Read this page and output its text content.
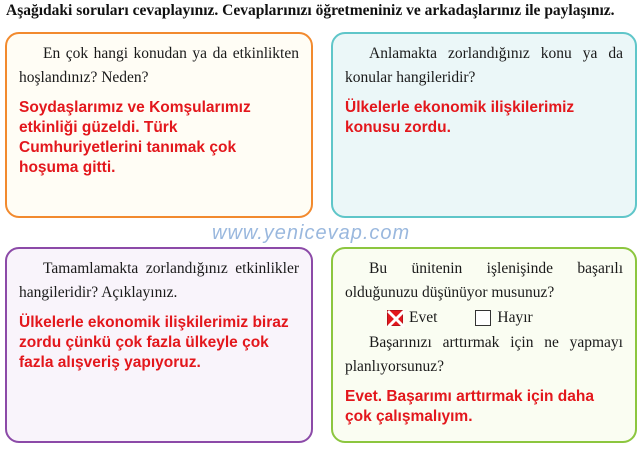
Aşağıdaki soruları cevaplayınız. Cevaplarınızı öğretmeniniz ve arkadaşlarınız ile paylaşınız.

En çok hangi konudan ya da etkinlikten hoşlandınız? Neden?

Soydaşlarımız ve Komşularımız etkinliği güzeldi. Türk Cumhuriyetlerini tanımak çok hoşuma gitti.

Anlamakta zorlandığınız konu ya da konular hangileridir?

Ülkelerle ekonomik ilişkilerimiz konusu zordu.

www.yenicevap.com

Tamamlamakta zorlandığınız etkinlikler hangileridir? Açıklayınız.

Ülkelerle ekonomik ilişkilerimiz biraz zordu çünkü çok fazla ülkeyle çok fazla alışveriş yapıyoruz.

Bu ünitenin işlenişinde başarılı olduğunuzu düşünüyor musunuz?

Evet	Hayır

Başarınızı arttırmak için ne yapmayı planlıyorsunuz?

Evet. Başarımı arttırmak için daha çok çalışmalıyım.
